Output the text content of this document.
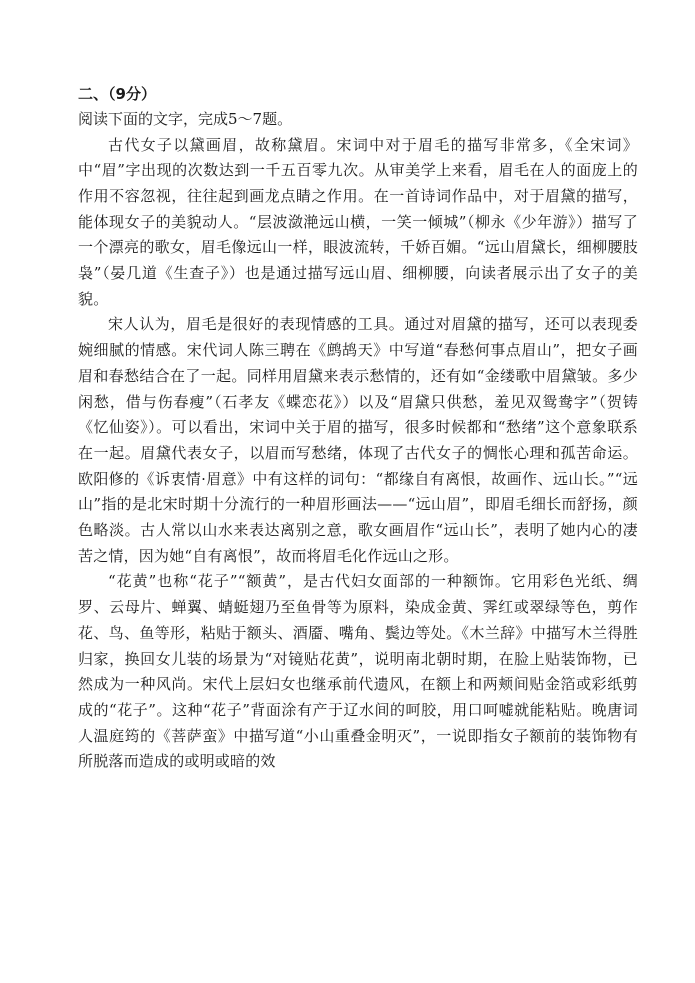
二、（9分）

阅读下面的文字，完成5～7题。

古代女子以黛画眉，故称黛眉。宋词中对于眉毛的描写非常多，《全宋词》中“眉”字出现的次数达到一千五百零九次。从审美学上来看，眉毛在人的面庞上的作用不容忽视，往往起到画龙点睛之作用。在一首诗词作品中，对于眉黛的描写，能体现女子的美貌动人。“层波潋滟远山横，一笑一倾城”（柳永《少年游》）描写了一个漂亮的歌女，眉毛像远山一样，眼波流转，千娇百媚。“远山眉黛长，细柳腰肢袅”（晏几道《生查子》）也是通过描写远山眉、细柳腰，向读者展示出了女子的美貌。

宋人认为，眉毛是很好的表现情感的工具。通过对眉黛的描写，还可以表现委婉细腻的情感。宋代词人陈三聘在《鹧鸪天》中写道“春愁何事点眉山”，把女子画眉和春愁结合在了一起。同样用眉黛来表示愁情的，还有如“金缕歌中眉黛皱。多少闲愁，借与伤春瘦”（石孝友《蝶恋花》）以及“眉黛只供愁，羞见双鸳鸯字”（贺铸《忆仙姿》）。可以看出，宋词中关于眉的描写，很多时候都和“愁绪”这个意象联系在一起。眉黛代表女子，以眉而写愁绪，体现了古代女子的惆怅心理和孤苦命运。欧阳修的《诉衷情·眉意》中有这样的词句：“都缘自有离恨，故画作、远山长。”“远山”指的是北宋时期十分流行的一种眉形画法——“远山眉”，即眉毛细长而舒扬，颜色略淡。古人常以山水来表达离别之意，歌女画眉作“远山长”，表明了她内心的凄苦之情，因为她“自有离恨”，故而将眉毛化作远山之形。

“花黄”也称“花子”“额黄”，是古代妇女面部的一种额饰。它用彩色光纸、绸罗、云母片、蝉翼、蜻蜓翅乃至鱼骨等为原料，染成金黄、霁红或翠绿等色，剪作花、鸟、鱼等形，粘贴于额头、酒靥、嘴角、鬓边等处。《木兰辞》中描写木兰得胜归家，换回女儿装的场景为“对镜贴花黄”，说明南北朝时期，在脸上贴装饰物，已然成为一种风尚。宋代上层妇女也继承前代遗风，在额上和两颊间贴金箔或彩纸剪成的“花子”。这种“花子”背面涂有产于辽水间的呵胶，用口呵嘘就能粘贴。晚唐词人温庭筠的《菩萨蛮》中描写道“小山重叠金明灭”，一说即指女子额前的装饰物有所脱落而造成的或明或暗的效
